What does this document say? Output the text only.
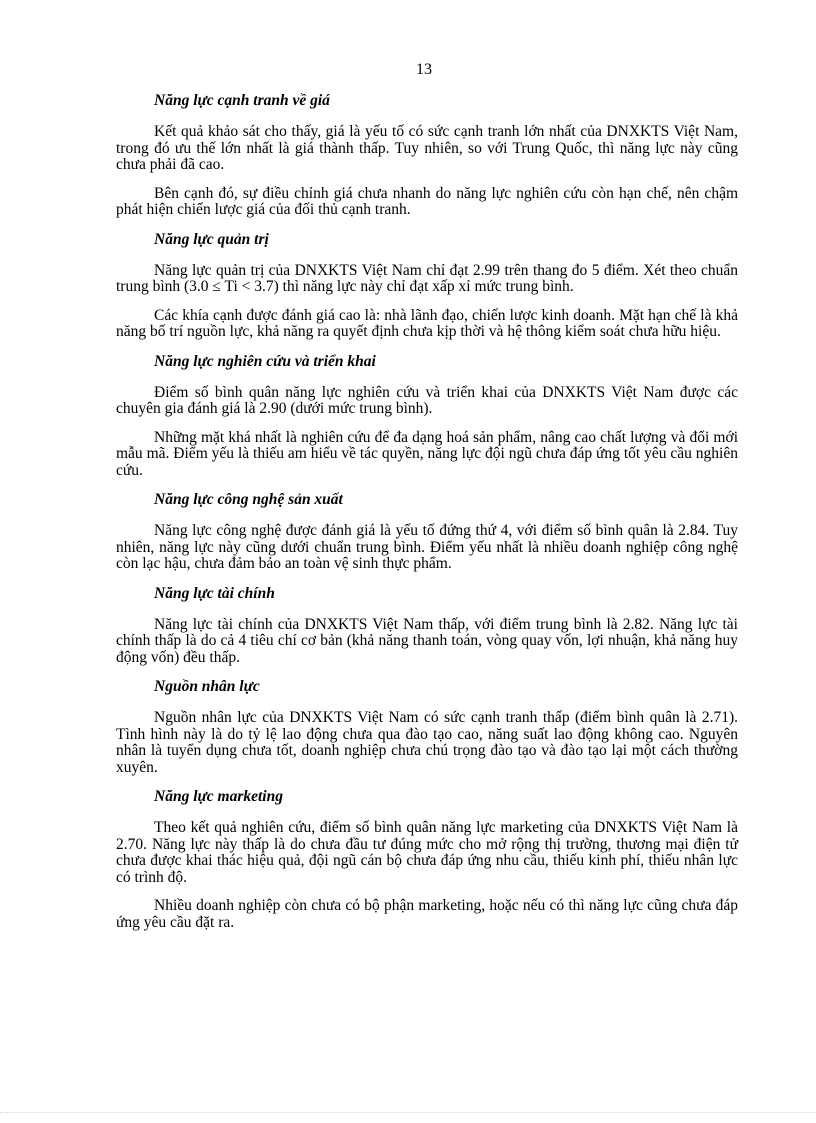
13
Năng lực cạnh tranh về giá

Kết quả khảo sát cho thấy, giá là yếu tố có sức cạnh tranh lớn nhất của DNXKTS Việt Nam, trong đó ưu thế lớn nhất là giá thành thấp. Tuy nhiên, so với Trung Quốc, thì năng lực này cũng chưa phải đã cao.

Bên cạnh đó, sự điều chỉnh giá chưa nhanh do năng lực nghiên cứu còn hạn chế, nên chậm phát hiện chiến lược giá của đối thủ cạnh tranh.

Năng lực quản trị

Năng lực quản trị của DNXKTS Việt Nam chỉ đạt 2.99 trên thang đo 5 điểm. Xét theo chuẩn trung bình (3.0 ≤ Ti < 3.7) thì năng lực này chỉ đạt xấp xỉ mức trung bình.

Các khía cạnh được đánh giá cao là: nhà lãnh đạo, chiến lược kinh doanh. Mặt hạn chế là khả năng bố trí nguồn lực, khả năng ra quyết định chưa kịp thời và hệ thông kiểm soát chưa hữu hiệu.

Năng lực nghiên cứu và triển khai

Điểm số bình quân năng lực nghiên cứu và triển khai của DNXKTS Việt Nam được các chuyên gia đánh giá là 2.90 (dưới mức trung bình).

Những mặt khá nhất là nghiên cứu để đa dạng hoá sản phẩm, nâng cao chất lượng và đổi mới mẫu mã. Điểm yếu là thiếu am hiểu về tác quyền, năng lực đội ngũ chưa đáp ứng tốt yêu cầu nghiên cứu.

Năng lực công nghệ sản xuất

Năng lực công nghệ được đánh giá là yếu tố đứng thứ 4, với điểm số bình quân là 2.84. Tuy nhiên, năng lực này cũng dưới chuẩn trung bình. Điểm yếu nhất là nhiều doanh nghiệp công nghệ còn lạc hậu, chưa đảm bảo an toàn vệ sinh thực phẩm.

Năng lực tài chính

Năng lực tài chính của DNXKTS Việt Nam thấp, với điểm trung bình là 2.82. Năng lực tài chính thấp là do cả 4 tiêu chí cơ bản (khả năng thanh toán, vòng quay vốn, lợi nhuận, khả năng huy động vốn) đều thấp.

Nguồn nhân lực

Nguồn nhân lực của DNXKTS Việt Nam có sức cạnh tranh thấp (điểm bình quân là 2.71). Tình hình này là do tỷ lệ lao động chưa qua đào tạo cao, năng suất lao động không cao. Nguyên nhân là tuyển dụng chưa tốt, doanh nghiệp chưa chú trọng đào tạo và đào tạo lại một cách thường xuyên.

Năng lực marketing

Theo kết quả nghiên cứu, điểm số bình quân năng lực marketing của DNXKTS Việt Nam là 2.70. Năng lực này thấp là do chưa đầu tư đúng mức cho mở rộng thị trường, thương mại điện tử chưa được khai thác hiệu quả, đội ngũ cán bộ chưa đáp ứng nhu cầu, thiếu kinh phí, thiếu nhân lực có trình độ.

Nhiều doanh nghiệp còn chưa có bộ phận marketing, hoặc nếu có thì năng lực cũng chưa đáp ứng yêu cầu đặt ra.
